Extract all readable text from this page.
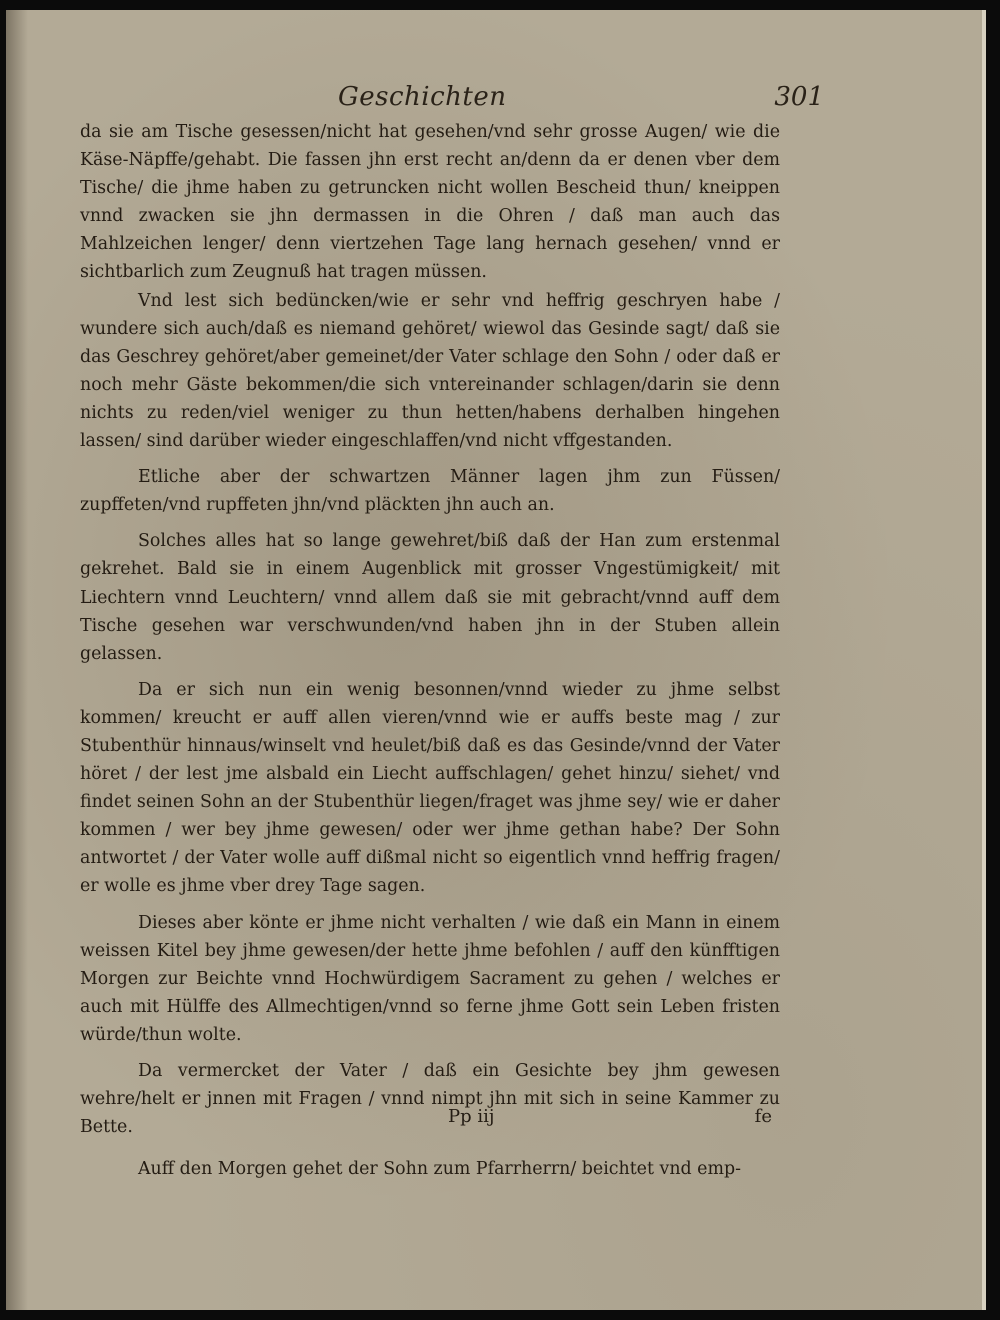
Geschichten	301

da sie am Tische gesessen/nicht hat gesehen/vnd sehr grosse Augen/ wie die Käse-Näpffe/gehabt. Die fassen jhn erst recht an/denn da er denen vber dem Tische/ die jhme haben zu getruncken nicht wollen Bescheid thun/ kneippen vnnd zwacken sie jhn dermassen in die Ohren / daß man auch das Mahlzeichen lenger/ denn viertzehen Tage lang hernach gesehen/ vnnd er sichtbarlich zum Zeugnuß hat tragen müssen.

Vnd lest sich bedüncken/wie er sehr vnd heffrig geschryen habe / wundere sich auch/daß es niemand gehöret/ wiewol das Gesinde sagt/ daß sie das Geschrey gehöret/aber gemeinet/der Vater schlage den Sohn / oder daß er noch mehr Gäste bekommen/die sich vntereinander schlagen/darin sie denn nichts zu reden/viel weniger zu thun hetten/habens derhalben hingehen lassen/ sind darüber wieder eingeschlaffen/vnd nicht vffgestanden.

Etliche aber der schwartzen Männer lagen jhm zun Füssen/ zupffeten/vnd rupffeten jhn/vnd pläckten jhn auch an.

Solches alles hat so lange gewehret/biß daß der Han zum erstenmal gekrehet. Bald sie in einem Augenblick mit grosser Vngestümigkeit/ mit Liechtern vnnd Leuchtern/ vnnd allem daß sie mit gebracht/vnnd auff dem Tische gesehen war verschwunden/vnd haben jhn in der Stuben allein gelassen.

Da er sich nun ein wenig besonnen/vnnd wieder zu jhme selbst kommen/ kreucht er auff allen vieren/vnnd wie er auffs beste mag / zur Stubenthür hinnaus/winselt vnd heulet/biß daß es das Gesinde/vnnd der Vater höret / der lest jme alsbald ein Liecht auffschlagen/ gehet hinzu/ siehet/ vnd findet seinen Sohn an der Stubenthür liegen/fraget was jhme sey/ wie er daher kommen / wer bey jhme gewesen/ oder wer jhme gethan habe? Der Sohn antwortet / der Vater wolle auff dißmal nicht so eigentlich vnnd heffrig fragen/ er wolle es jhme vber drey Tage sagen.

Dieses aber könte er jhme nicht verhalten / wie daß ein Mann in einem weissen Kitel bey jhme gewesen/der hette jhme befohlen / auff den künfftigen Morgen zur Beichte vnnd Hochwürdigem Sacrament zu gehen / welches er auch mit Hülffe des Allmechtigen/vnnd so ferne jhme Gott sein Leben fristen würde/thun wolte.

Da vermercket der Vater / daß ein Gesichte bey jhm gewesen wehre/helt er jnnen mit Fragen / vnnd nimpt jhn mit sich in seine Kammer zu Bette.

Auff den Morgen gehet der Sohn zum Pfarrherrn/ beichtet vnd emp-

Pp iij	fe
